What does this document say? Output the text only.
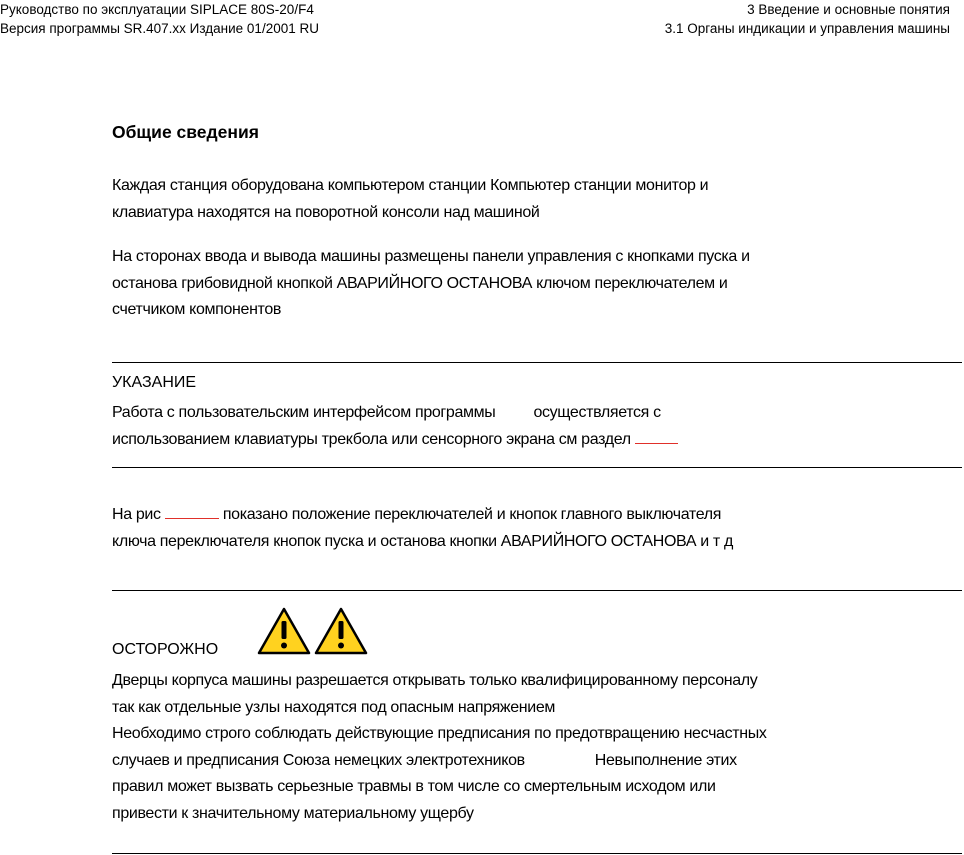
Руководство по эксплуатации SIPLACE 80S-20/F4
Версия программы SR.407.xx Издание 01/2001 RU
3 Введение и основные понятия
3.1 Органы индикации и управления машины
Общие сведения
Каждая станция оборудована компьютером станции Компьютер станции монитор и
клавиатура находятся на поворотной консоли над машиной
На сторонах ввода и вывода машины размещены панели управления с кнопками пуска и
останова грибовидной кнопкой АВАРИЙНОГО ОСТАНОВА ключом переключателем и
счетчиком компонентов
УКАЗАНИЕ
Работа с пользовательским интерфейсом программы осуществляется с
использованием клавиатуры трекбола или сенсорного экрана см раздел
На рис	показано положение переключателей и кнопок главного выключателя
ключа переключателя кнопок пуска и останова кнопки АВАРИЙНОГО ОСТАНОВА и т д
ОСТОРОЖНО
Дверцы корпуса машины разрешается открывать только квалифицированному персоналу
так как отдельные узлы находятся под опасным напряжением
Необходимо строго соблюдать действующие предписания по предотвращению несчастных
случаев и предписания Союза немецких электротехников	Невыполнение этих
правил может вызвать серьезные травмы в том числе со смертельным исходом или
привести к значительному материальному ущербу
